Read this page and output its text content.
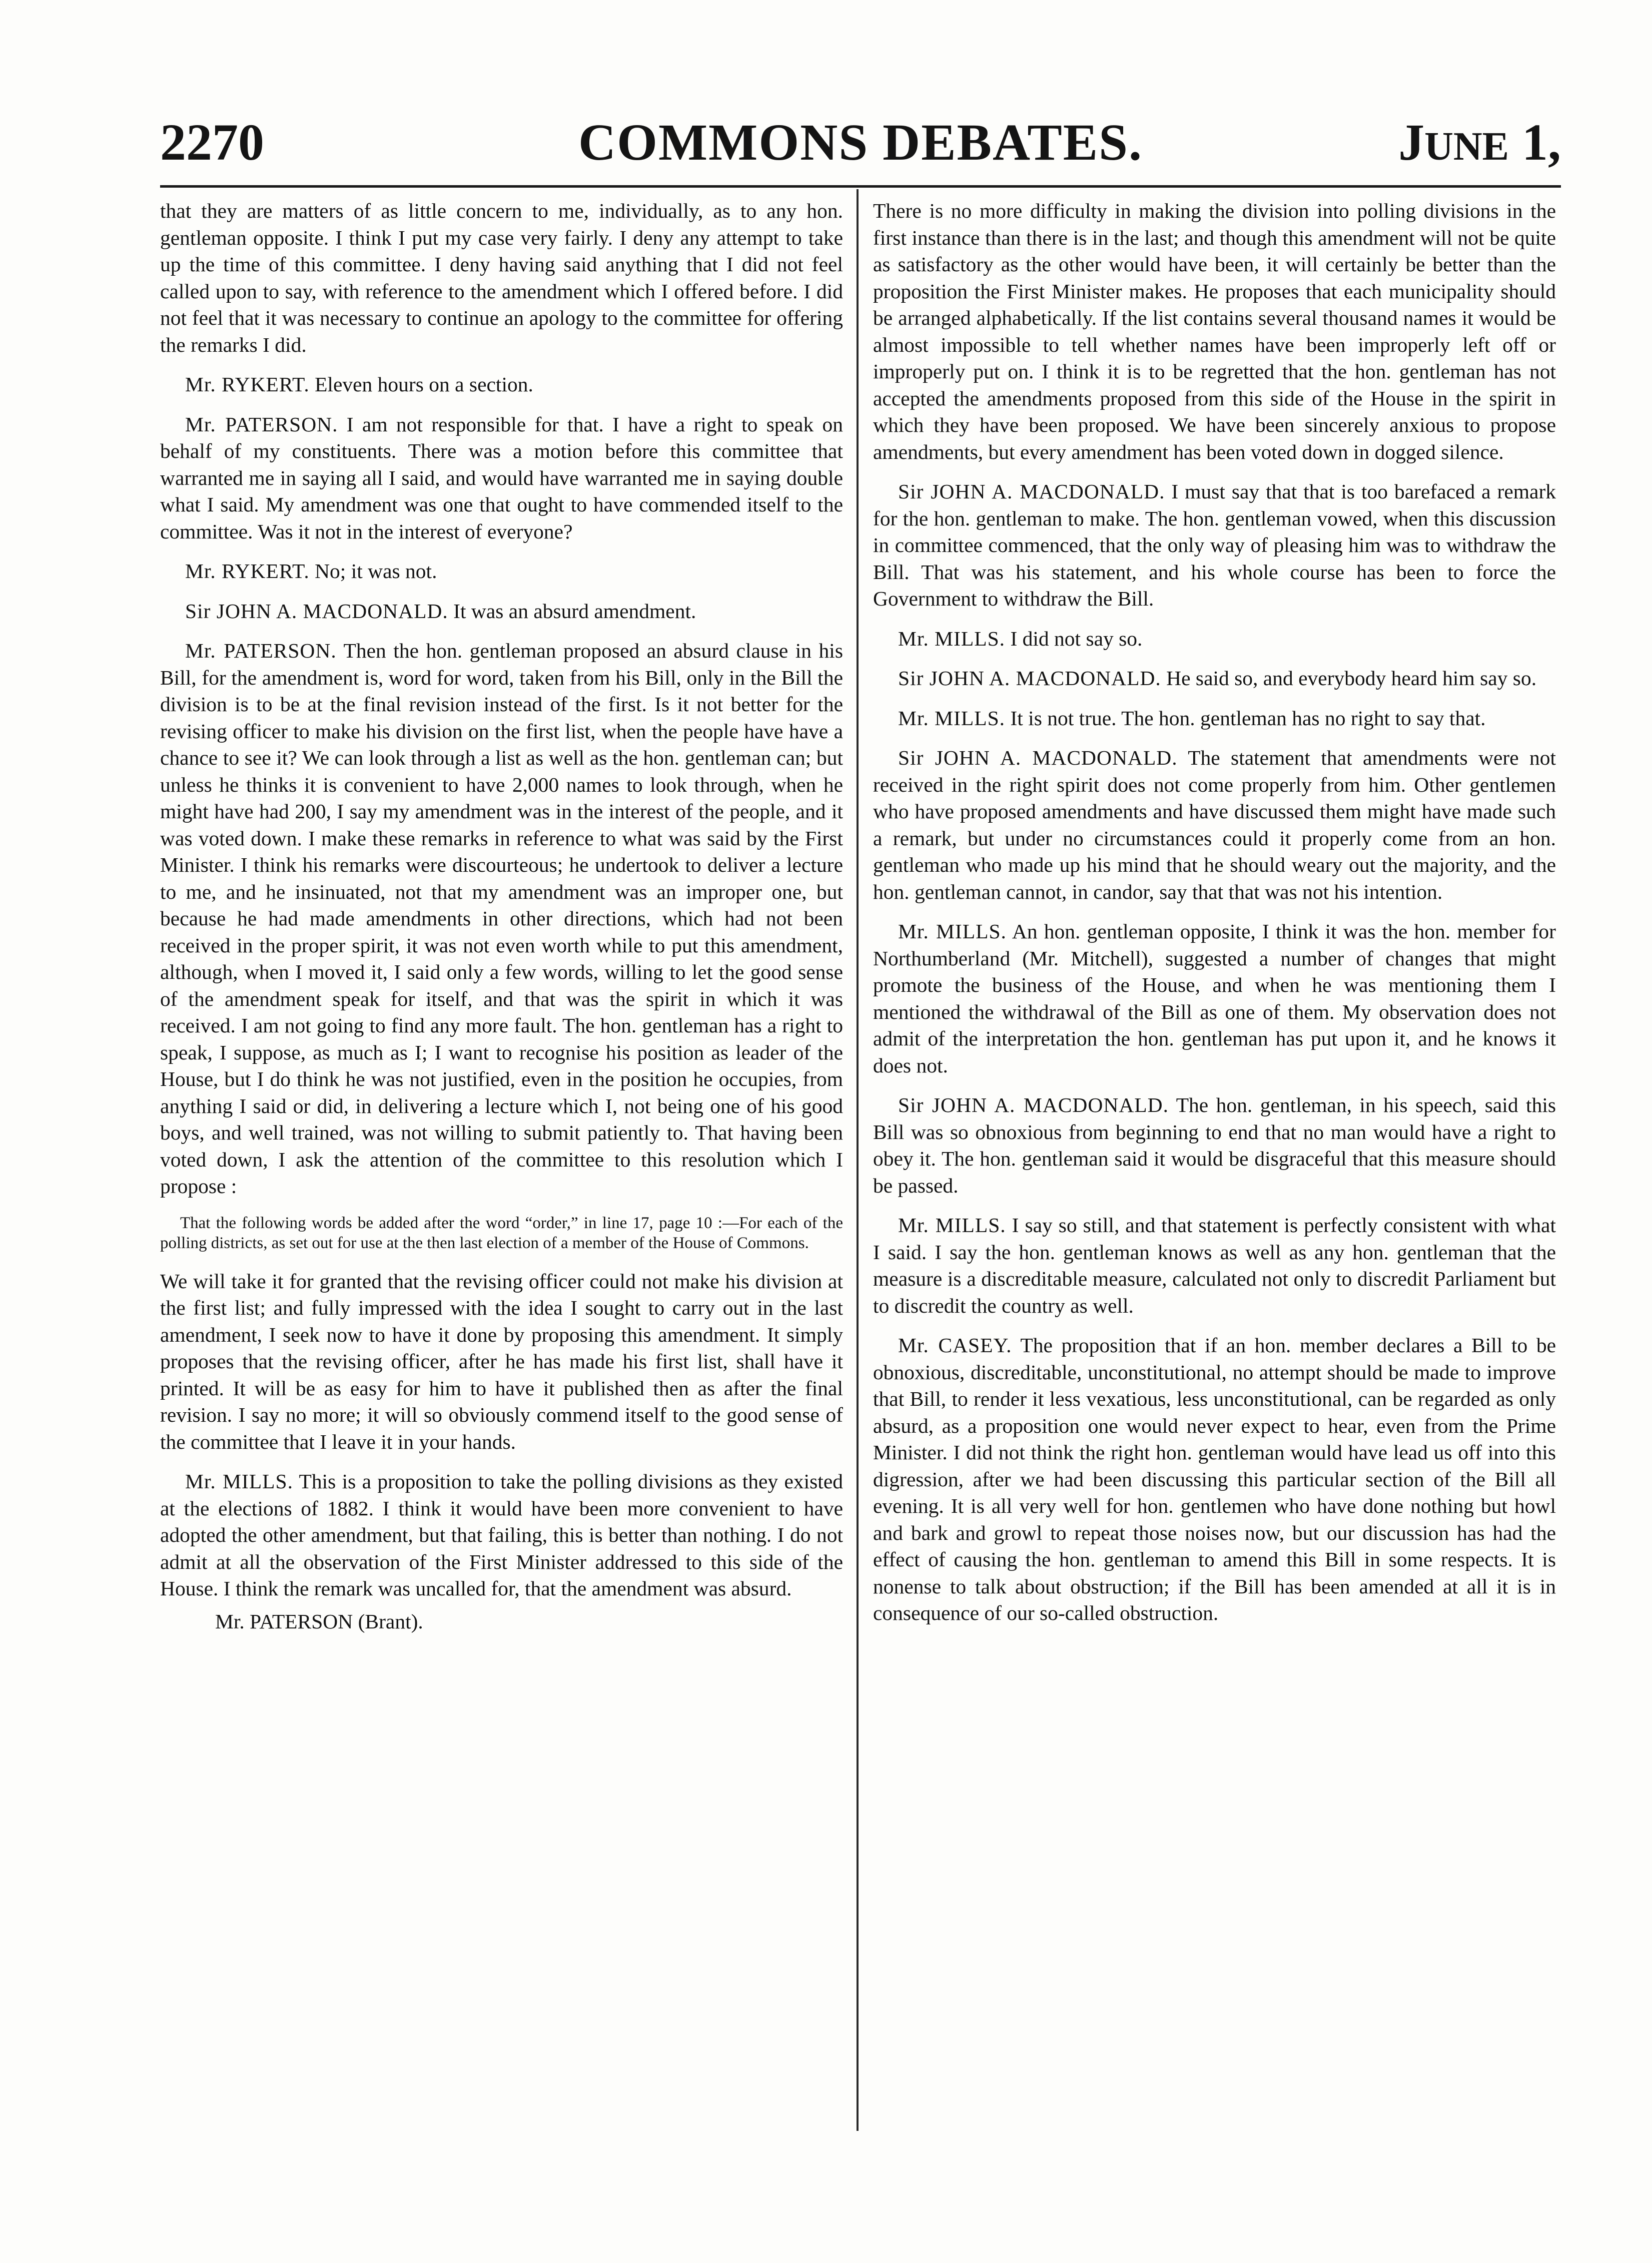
2270	COMMONS DEBATES.	JUNE 1,

that they are matters of as little concern to me, individually, as to any hon. gentleman opposite. I think I put my case very fairly. I deny any attempt to take up the time of this committee. I deny having said anything that I did not feel called upon to say, with reference to the amendment which I offered before. I did not feel that it was necessary to continue an apology to the committee for offering the remarks I did.

Mr. RYKERT. Eleven hours on a section.

Mr. PATERSON. I am not responsible for that. I have a right to speak on behalf of my constituents. There was a motion before this committee that warranted me in saying all I said, and would have warranted me in saying double what I said. My amendment was one that ought to have commended itself to the committee. Was it not in the interest of everyone?

Mr. RYKERT. No; it was not.

Sir JOHN A. MACDONALD. It was an absurd amendment.

Mr. PATERSON. Then the hon. gentleman proposed an absurd clause in his Bill, for the amendment is, word for word, taken from his Bill, only in the Bill the division is to be at the final revision instead of the first. Is it not better for the revising officer to make his division on the first list, when the people have have a chance to see it? We can look through a list as well as the hon. gentleman can; but unless he thinks it is convenient to have 2,000 names to look through, when he might have had 200, I say my amendment was in the interest of the people, and it was voted down. I make these remarks in reference to what was said by the First Minister. I think his remarks were discourteous; he undertook to deliver a lecture to me, and he insinuated, not that my amendment was an improper one, but because he had made amendments in other directions, which had not been received in the proper spirit, it was not even worth while to put this amendment, although, when I moved it, I said only a few words, willing to let the good sense of the amendment speak for itself, and that was the spirit in which it was received. I am not going to find any more fault. The hon. gentleman has a right to speak, I suppose, as much as I; I want to recognise his position as leader of the House, but I do think he was not justified, even in the position he occupies, from anything I said or did, in delivering a lecture which I, not being one of his good boys, and well trained, was not willing to submit patiently to. That having been voted down, I ask the attention of the committee to this resolution which I propose :

That the following words be added after the word “order,” in line 17, page 10 :—For each of the polling districts, as set out for use at the then last election of a member of the House of Commons.

We will take it for granted that the revising officer could not make his division at the first list; and fully impressed with the idea I sought to carry out in the last amendment, I seek now to have it done by proposing this amendment. It simply proposes that the revising officer, after he has made his first list, shall have it printed. It will be as easy for him to have it published then as after the final revision. I say no more; it will so obviously commend itself to the good sense of the committee that I leave it in your hands.

Mr. MILLS. This is a proposition to take the polling divisions as they existed at the elections of 1882. I think it would have been more convenient to have adopted the other amendment, but that failing, this is better than nothing. I do not admit at all the observation of the First Minister addressed to this side of the House. I think the remark was uncalled for, that the amendment was absurd.

Mr. PATERSON (Brant).

There is no more difficulty in making the division into polling divisions in the first instance than there is in the last; and though this amendment will not be quite as satisfactory as the other would have been, it will certainly be better than the proposition the First Minister makes. He proposes that each municipality should be arranged alphabetically. If the list contains several thousand names it would be almost impossible to tell whether names have been improperly left off or improperly put on. I think it is to be regretted that the hon. gentleman has not accepted the amendments proposed from this side of the House in the spirit in which they have been proposed. We have been sincerely anxious to propose amendments, but every amendment has been voted down in dogged silence.

Sir JOHN A. MACDONALD. I must say that that is too barefaced a remark for the hon. gentleman to make. The hon. gentleman vowed, when this discussion in committee commenced, that the only way of pleasing him was to withdraw the Bill. That was his statement, and his whole course has been to force the Government to withdraw the Bill.

Mr. MILLS. I did not say so.

Sir JOHN A. MACDONALD. He said so, and everybody heard him say so.

Mr. MILLS. It is not true. The hon. gentleman has no right to say that.

Sir JOHN A. MACDONALD. The statement that amendments were not received in the right spirit does not come properly from him. Other gentlemen who have proposed amendments and have discussed them might have made such a remark, but under no circumstances could it properly come from an hon. gentleman who made up his mind that he should weary out the majority, and the hon. gentleman cannot, in candor, say that that was not his intention.

Mr. MILLS. An hon. gentleman opposite, I think it was the hon. member for Northumberland (Mr. Mitchell), suggested a number of changes that might promote the business of the House, and when he was mentioning them I mentioned the withdrawal of the Bill as one of them. My observation does not admit of the interpretation the hon. gentleman has put upon it, and he knows it does not.

Sir JOHN A. MACDONALD. The hon. gentleman, in his speech, said this Bill was so obnoxious from beginning to end that no man would have a right to obey it. The hon. gentleman said it would be disgraceful that this measure should be passed.

Mr. MILLS. I say so still, and that statement is perfectly consistent with what I said. I say the hon. gentleman knows as well as any hon. gentleman that the measure is a discreditable measure, calculated not only to discredit Parliament but to discredit the country as well.

Mr. CASEY. The proposition that if an hon. member declares a Bill to be obnoxious, discreditable, unconstitutional, no attempt should be made to improve that Bill, to render it less vexatious, less unconstitutional, can be regarded as only absurd, as a proposition one would never expect to hear, even from the Prime Minister. I did not think the right hon. gentleman would have lead us off into this digression, after we had been discussing this particular section of the Bill all evening. It is all very well for hon. gentlemen who have done nothing but howl and bark and growl to repeat those noises now, but our discussion has had the effect of causing the hon. gentleman to amend this Bill in some respects. It is nonense to talk about obstruction; if the Bill has been amended at all it is in consequence of our so-called obstruction.
